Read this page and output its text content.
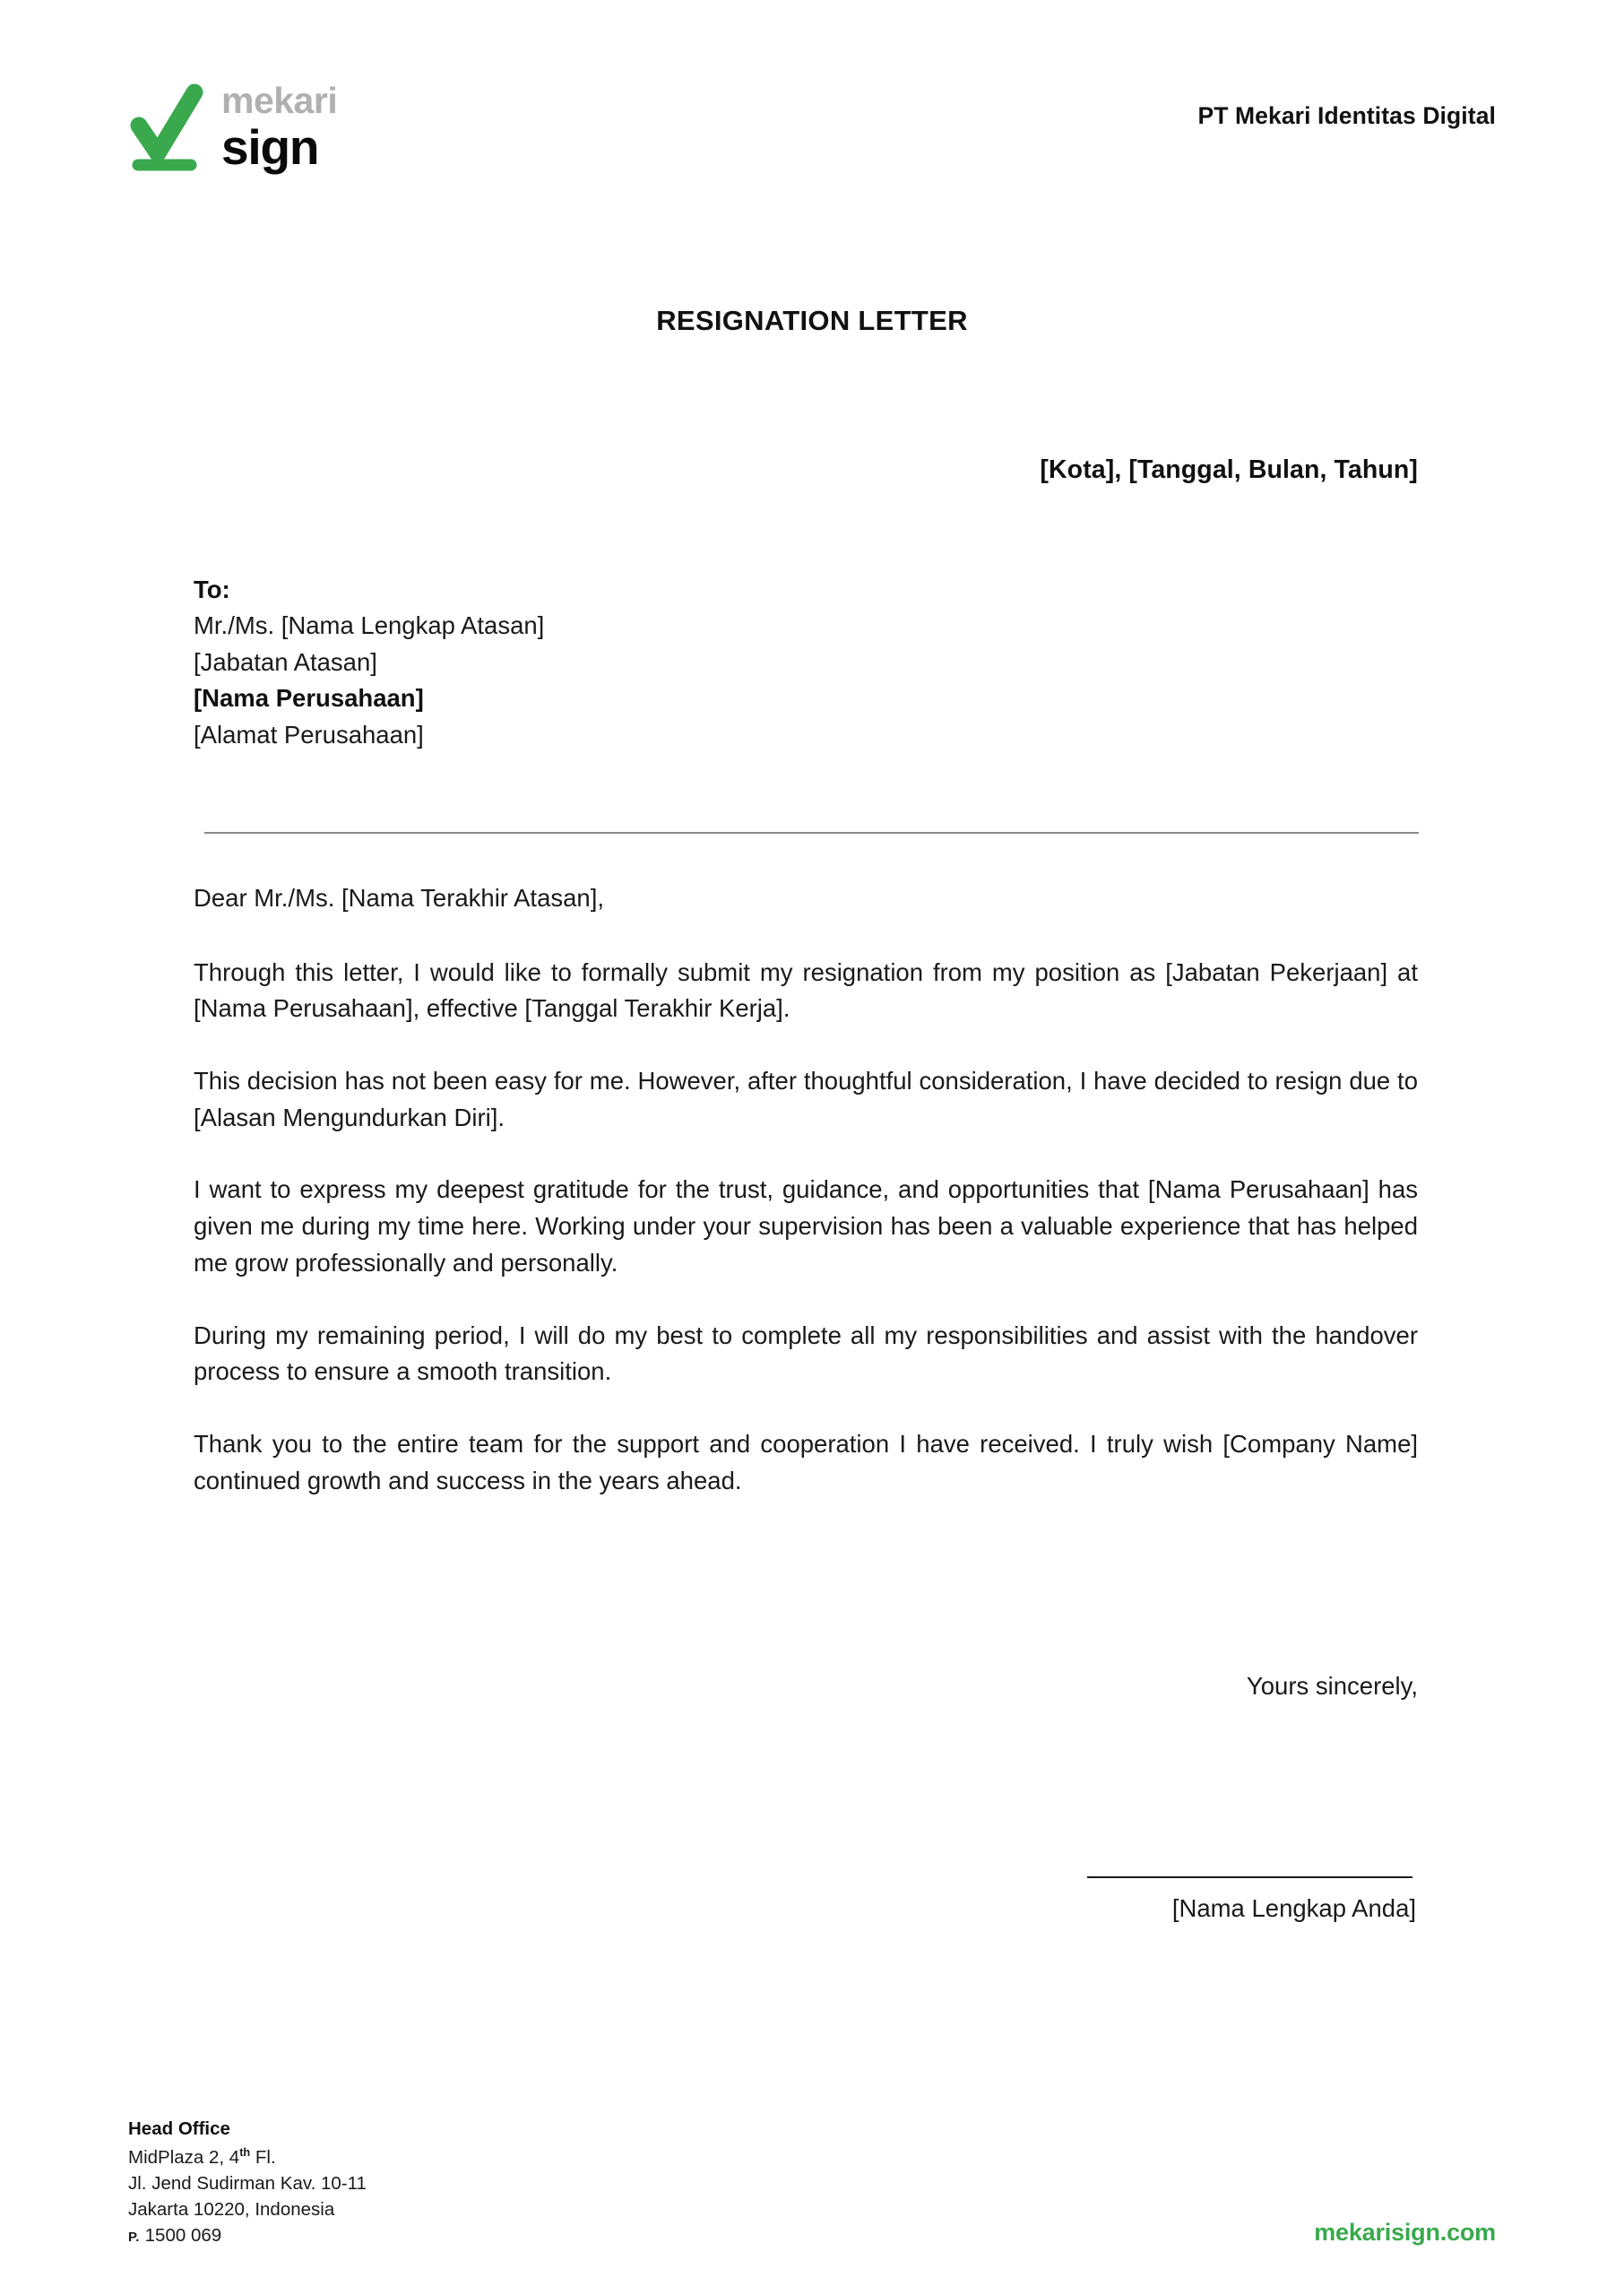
mekari
sign
PT Mekari Identitas Digital
RESIGNATION LETTER
[Kota], [Tanggal, Bulan, Tahun]
To:
Mr./Ms. [Nama Lengkap Atasan]
[Jabatan Atasan]
[Nama Perusahaan]
[Alamat Perusahaan]

Dear Mr./Ms. [Nama Terakhir Atasan],

Through this letter, I would like to formally submit my resignation from my position as [Jabatan Pekerjaan] at [Nama Perusahaan], effective [Tanggal Terakhir Kerja].

This decision has not been easy for me. However, after thoughtful consideration, I have decided to resign due to [Alasan Mengundurkan Diri].

I want to express my deepest gratitude for the trust, guidance, and opportunities that [Nama Perusahaan] has given me during my time here. Working under your supervision has been a valuable experience that has helped me grow professionally and personally.

During my remaining period, I will do my best to complete all my responsibilities and assist with the handover process to ensure a smooth transition.

Thank you to the entire team for the support and cooperation I have received. I truly wish [Company Name] continued growth and success in the years ahead.

Yours sincerely,
[Nama Lengkap Anda]
Head Office
MidPlaza 2, 4th Fl.
Jl. Jend Sudirman Kav. 10-11
Jakarta 10220, Indonesia
P. 1500 069	mekarisign.com
